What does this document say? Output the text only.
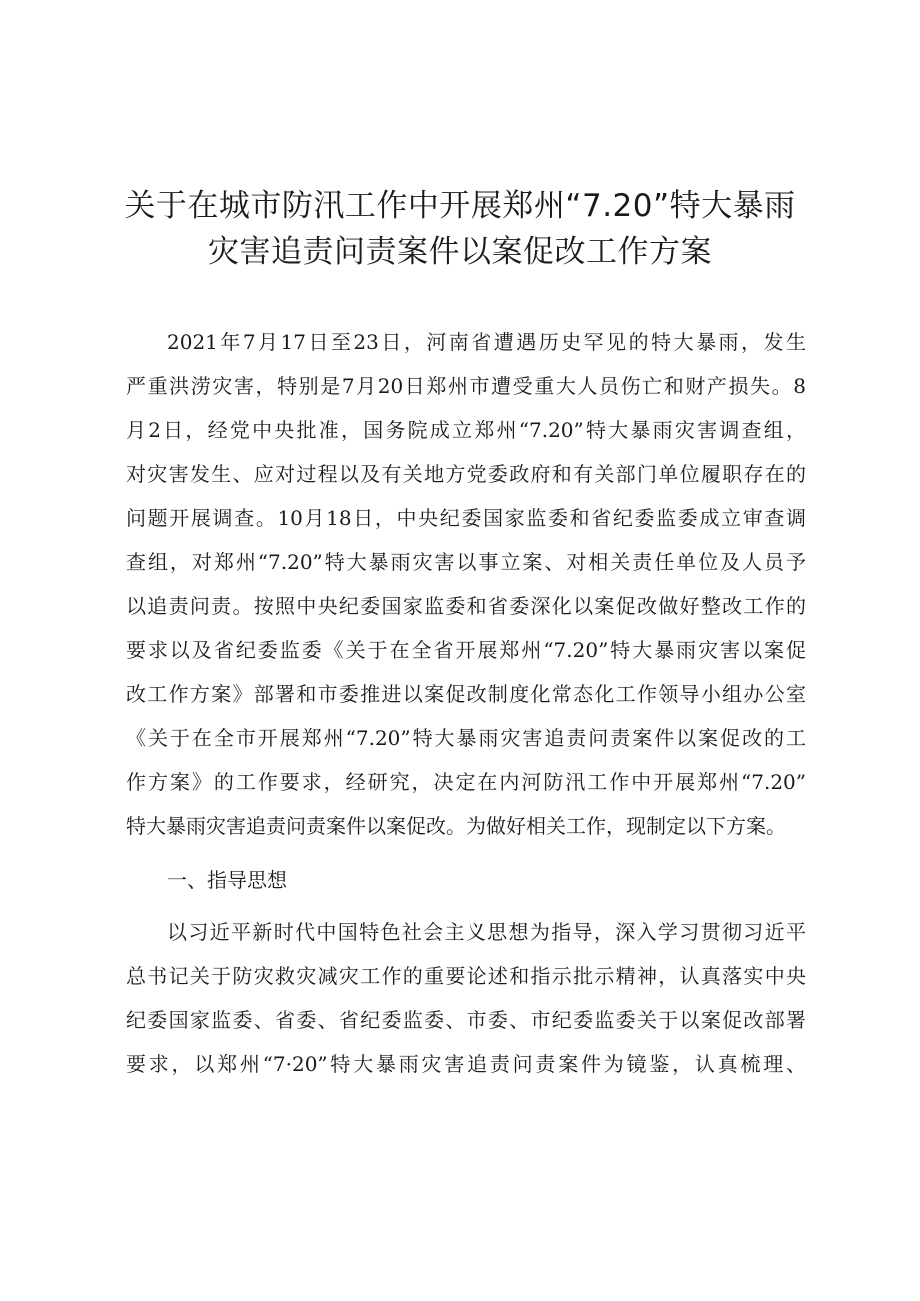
关于在城市防汛工作中开展郑州“7.20”特大暴雨
灾害追责问责案件以案促改工作方案
2021年7月17日至23日，河南省遭遇历史罕见的特大暴雨，发生
严重洪涝灾害，特别是7月20日郑州市遭受重大人员伤亡和财产损失。8
月2日，经党中央批准，国务院成立郑州“7.20”特大暴雨灾害调查组，
对灾害发生、应对过程以及有关地方党委政府和有关部门单位履职存在的
问题开展调查。10月18日，中央纪委国家监委和省纪委监委成立审查调
查组，对郑州“7.20”特大暴雨灾害以事立案、对相关责任单位及人员予
以追责问责。按照中央纪委国家监委和省委深化以案促改做好整改工作的
要求以及省纪委监委《关于在全省开展郑州“7.20”特大暴雨灾害以案促
改工作方案》部署和市委推进以案促改制度化常态化工作领导小组办公室
《关于在全市开展郑州“7.20”特大暴雨灾害追责问责案件以案促改的工
作方案》的工作要求，经研究，决定在内河防汛工作中开展郑州“7.20”
特大暴雨灾害追责问责案件以案促改。为做好相关工作，现制定以下方案。
一、指导思想
以习近平新时代中国特色社会主义思想为指导，深入学习贯彻习近平
总书记关于防灾救灾减灾工作的重要论述和指示批示精神，认真落实中央
纪委国家监委、省委、省纪委监委、市委、市纪委监委关于以案促改部署
要求，以郑州“7·20”特大暴雨灾害追责问责案件为镜鉴，认真梳理、
